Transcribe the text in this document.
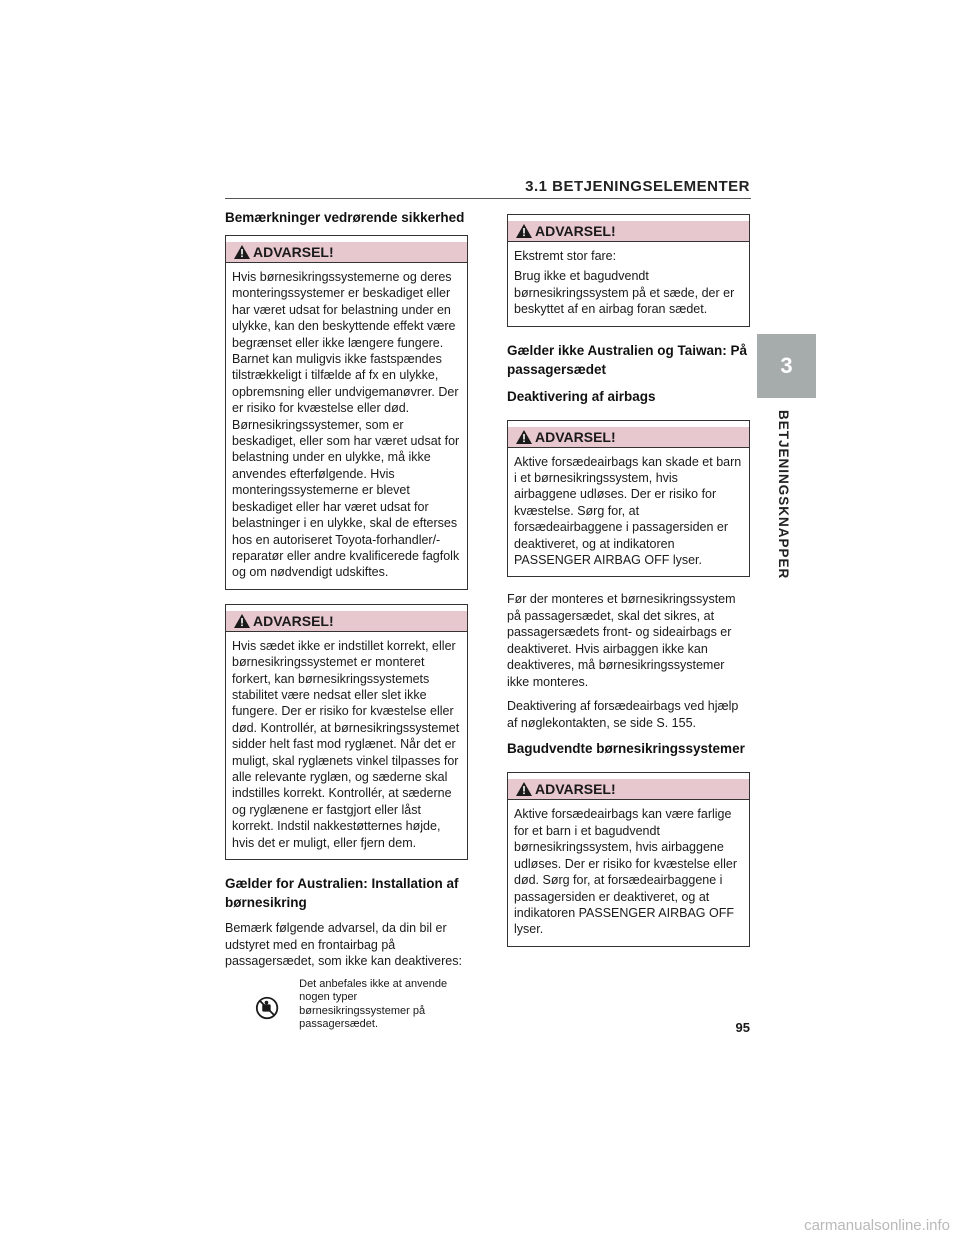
3.1 BETJENINGSELEMENTER
3
BETJENINGSKNAPPER
Bemærkninger vedrørende sikkerhed
ADVARSEL!

Hvis børnesikringssystemerne og deres monteringssystemer er beskadiget eller har været udsat for belastning under en ulykke, kan den beskyttende effekt være begrænset eller ikke længere fungere. Barnet kan muligvis ikke fastspændes tilstrækkeligt i tilfælde af fx en ulykke, opbremsning eller undvigemanøvrer. Der er risiko for kvæstelse eller død. Børnesikringssystemer, som er beskadiget, eller som har været udsat for belastning under en ulykke, må ikke anvendes efterfølgende. Hvis monteringssystemerne er blevet beskadiget eller har været udsat for belastninger i en ulykke, skal de efterses hos en autoriseret Toyota-forhandler/-reparatør eller andre kvalificerede fagfolk og om nødvendigt udskiftes.

ADVARSEL!

Hvis sædet ikke er indstillet korrekt, eller børnesikringssystemet er monteret forkert, kan børnesikringssystemets stabilitet være nedsat eller slet ikke fungere. Der er risiko for kvæstelse eller død. Kontrollér, at børnesikringssystemet sidder helt fast mod ryglænet. Når det er muligt, skal ryglænets vinkel tilpasses for alle relevante ryglæn, og sæderne skal indstilles korrekt. Kontrollér, at sæderne og ryglænene er fastgjort eller låst korrekt. Indstil nakkestøtternes højde, hvis det er muligt, eller fjern dem.

Gælder for Australien: Installation af børnesikring

Bemærk følgende advarsel, da din bil er udstyret med en frontairbag på passagersædet, som ikke kan deaktiveres:

Det anbefales ikke at anvende nogen typer børnesikringssystemer på passagersædet.
ADVARSEL!

Ekstremt stor fare:

Brug ikke et bagudvendt børnesikringssystem på et sæde, der er beskyttet af en airbag foran sædet.

Gælder ikke Australien og Taiwan: På passagersædet
Deaktivering af airbags
ADVARSEL!

Aktive forsædeairbags kan skade et barn i et børnesikringssystem, hvis airbaggene udløses. Der er risiko for kvæstelse. Sørg for, at forsædeairbaggene i passagersiden er deaktiveret, og at indikatoren PASSENGER AIRBAG OFF lyser.

Før der monteres et børnesikringssystem på passagersædet, skal det sikres, at passagersædets front- og sideairbags er deaktiveret. Hvis airbaggen ikke kan deaktiveres, må børnesikringssystemer ikke monteres.

Deaktivering af forsædeairbags ved hjælp af nøglekontakten, se side S. 155.

Bagudvendte børnesikringssystemer
ADVARSEL!

Aktive forsædeairbags kan være farlige for et barn i et bagudvendt børnesikringssystem, hvis airbaggene udløses. Der er risiko for kvæstelse eller død. Sørg for, at forsædeairbaggene i passagersiden er deaktiveret, og at indikatoren PASSENGER AIRBAG OFF lyser.

95
carmanualsonline.info
